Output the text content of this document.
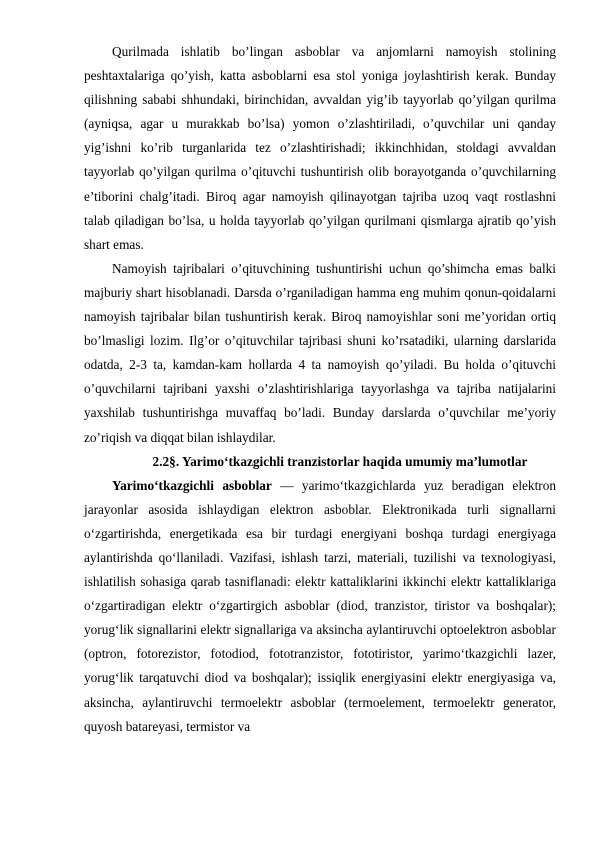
Qurilmada ishlatib bo’lingan asboblar va anjomlarni namoyish stolining peshtaxtalariga qo’yish, katta asboblarni esa stol yoniga joylashtirish kerak. Bunday qilishning sababi shhundaki, birinchidan, avvaldan yig’ib tayyorlab qo’yilgan qurilma (ayniqsa, agar u murakkab bo’lsa) yomon o’zlashtiriladi, o’quvchilar uni qanday yig’ishni ko’rib turganlarida tez o’zlashtirishadi; ikkinchhidan, stoldagi avvaldan tayyorlab qo’yilgan qurilma o’qituvchi tushuntirish olib borayotganda o’quvchilarning e’tiborini chalg’itadi. Biroq agar namoyish qilinayotgan tajriba uzoq vaqt rostlashni talab qiladigan bo’lsa, u holda tayyorlab qo’yilgan qurilmani qismlarga ajratib qo’yish shart emas.

Namoyish tajribalari o’qituvchining tushuntirishi uchun qo’shimcha emas balki majburiy shart hisoblanadi. Darsda o’rganiladigan hamma eng muhim qonun-qoidalarni namoyish tajribalar bilan tushuntirish kerak. Biroq namoyishlar soni me’yoridan ortiq bo’lmasligi lozim. Ilg’or o’qituvchilar tajribasi shuni ko’rsatadiki, ularning darslarida odatda, 2-3 ta, kamdan-kam hollarda 4 ta namoyish qo’yiladi. Bu holda o’qituvchi o’quvchilarni tajribani yaxshi o’zlashtirishlariga tayyorlashga va tajriba natijalarini yaxshilab tushuntirishga muvaffaq bo’ladi. Bunday darslarda o’quvchilar me’yoriy zo’riqish va diqqat bilan ishlaydilar.

2.2§. Yarimo‘tkazgichli tranzistorlar haqida umumiy ma’lumotlar

Yarimo‘tkazgichli asboblar — yarimo‘tkazgichlarda yuz beradigan elektron jarayonlar asosida ishlaydigan elektron asboblar. Elektronikada turli signallarni o‘zgartirishda, energetikada esa bir turdagi energiyani boshqa turdagi energiyaga aylantirishda qo‘llaniladi. Vazifasi, ishlash tarzi, materiali, tuzilishi va texnologiyasi, ishlatilish sohasiga qarab tasniflanadi: elektr kattaliklarini ikkinchi elektr kattaliklariga o‘zgartiradigan elektr o‘zgartirgich asboblar (diod, tranzistor, tiristor va boshqalar); yorug‘lik signallarini elektr signallariga va aksincha aylantiruvchi optoelektron asboblar (optron, fotorezistor, fotodiod, fototranzistor, fototiristor, yarimo‘tkazgichli lazer, yorug‘lik tarqatuvchi diod va boshqalar); issiqlik energiyasini elektr energiyasiga va, aksincha, aylantiruvchi termoelektr asboblar (termoelement, termoelektr generator, quyosh batareyasi, termistor va
